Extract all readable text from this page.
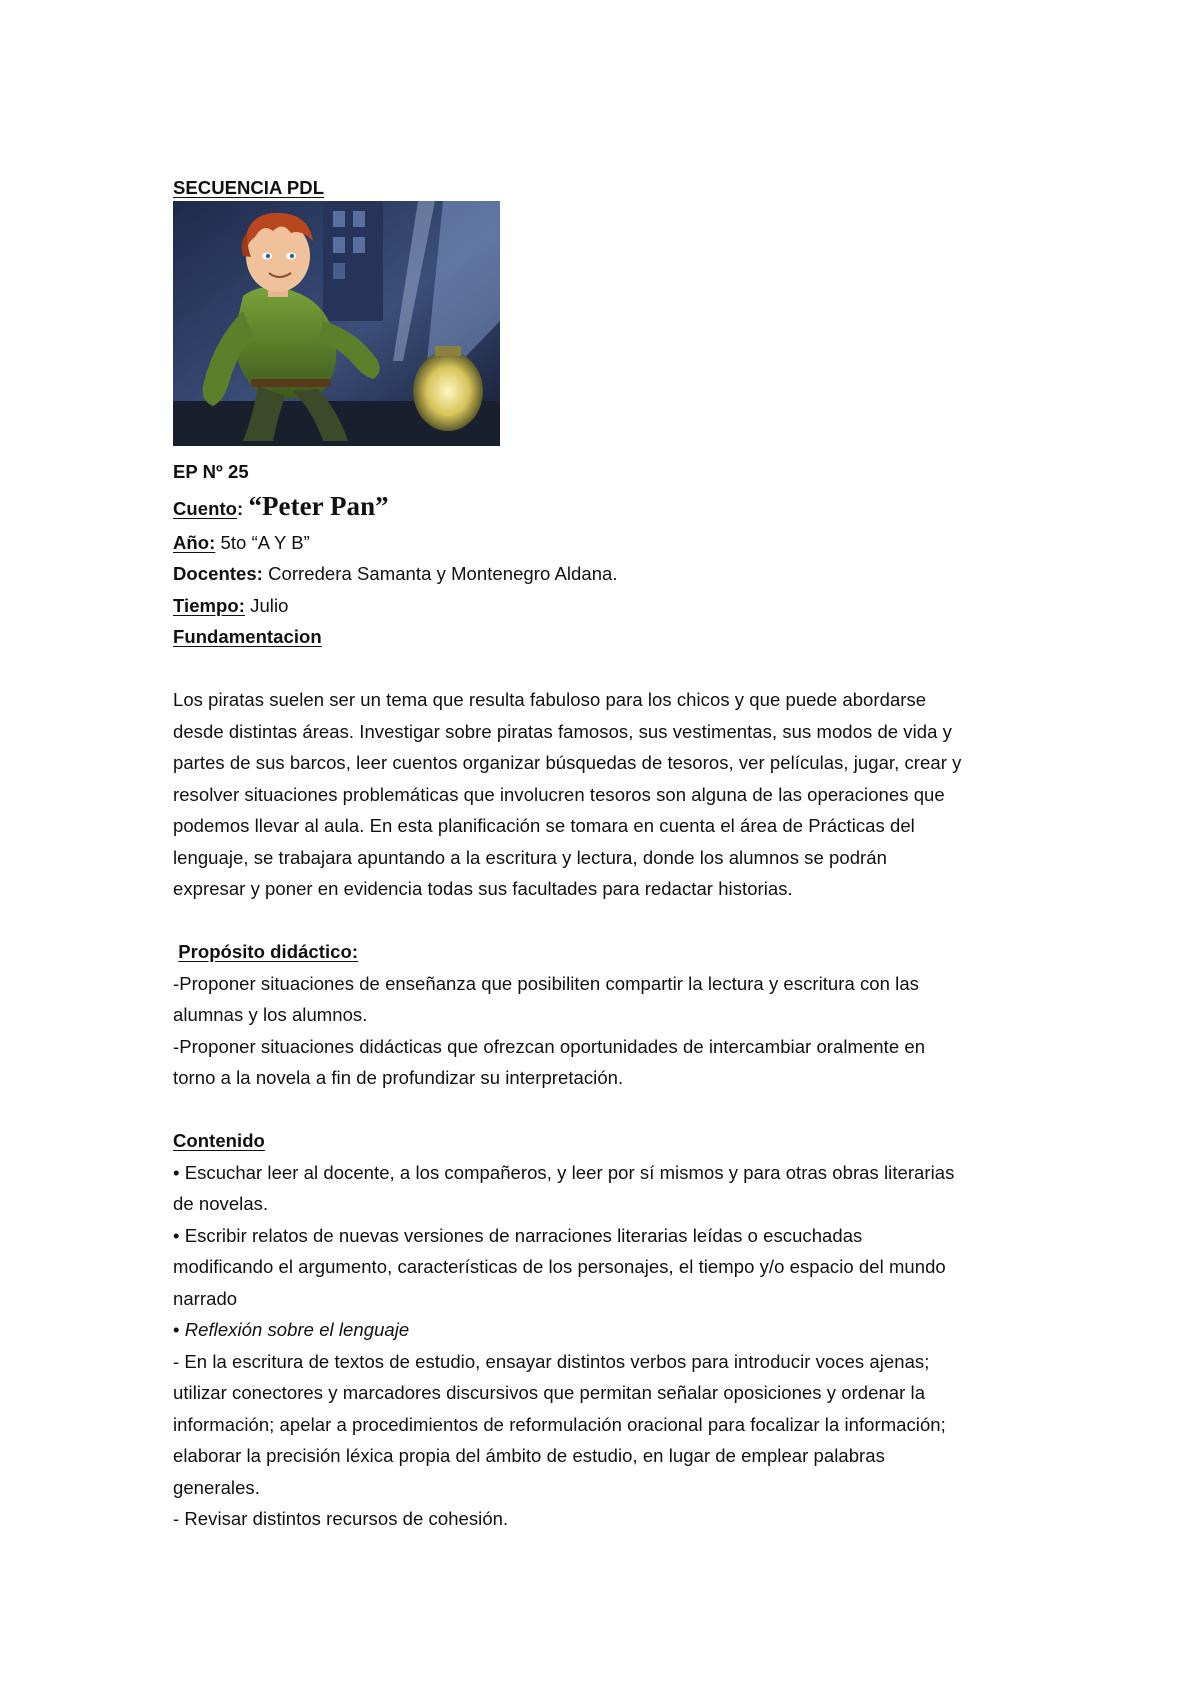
SECUENCIA PDL
EP Nº 25
Cuento: “Peter Pan”
Año: 5to “A Y B”
Docentes: Corredera Samanta y Montenegro Aldana.
Tiempo: Julio
Fundamentacion
Los piratas suelen ser un tema que resulta fabuloso para los chicos y que puede abordarse
desde distintas áreas. Investigar sobre piratas famosos, sus vestimentas, sus modos de vida y
partes de sus barcos, leer cuentos organizar búsquedas de tesoros, ver películas, jugar, crear y
resolver situaciones problemáticas que involucren tesoros son alguna de las operaciones que
podemos llevar al aula. En esta planificación se tomara en cuenta el área de Prácticas del
lenguaje, se trabajara apuntando a la escritura y lectura, donde los alumnos se podrán
expresar y poner en evidencia todas sus facultades para redactar historias.
Propósito didáctico:
-Proponer situaciones de enseñanza que posibiliten compartir la lectura y escritura con las
alumnas y los alumnos.
-Proponer situaciones didácticas que ofrezcan oportunidades de intercambiar oralmente en
torno a la novela a fin de profundizar su interpretación.
Contenido
• Escuchar leer al docente, a los compañeros, y leer por sí mismos y para otras obras literarias
de novelas.
• Escribir relatos de nuevas versiones de narraciones literarias leídas o escuchadas
modificando el argumento, características de los personajes, el tiempo y/o espacio del mundo
narrado
• Reflexión sobre el lenguaje
- En la escritura de textos de estudio, ensayar distintos verbos para introducir voces ajenas;
utilizar conectores y marcadores discursivos que permitan señalar oposiciones y ordenar la
información; apelar a procedimientos de reformulación oracional para focalizar la información;
elaborar la precisión léxica propia del ámbito de estudio, en lugar de emplear palabras
generales.
- Revisar distintos recursos de cohesión.
